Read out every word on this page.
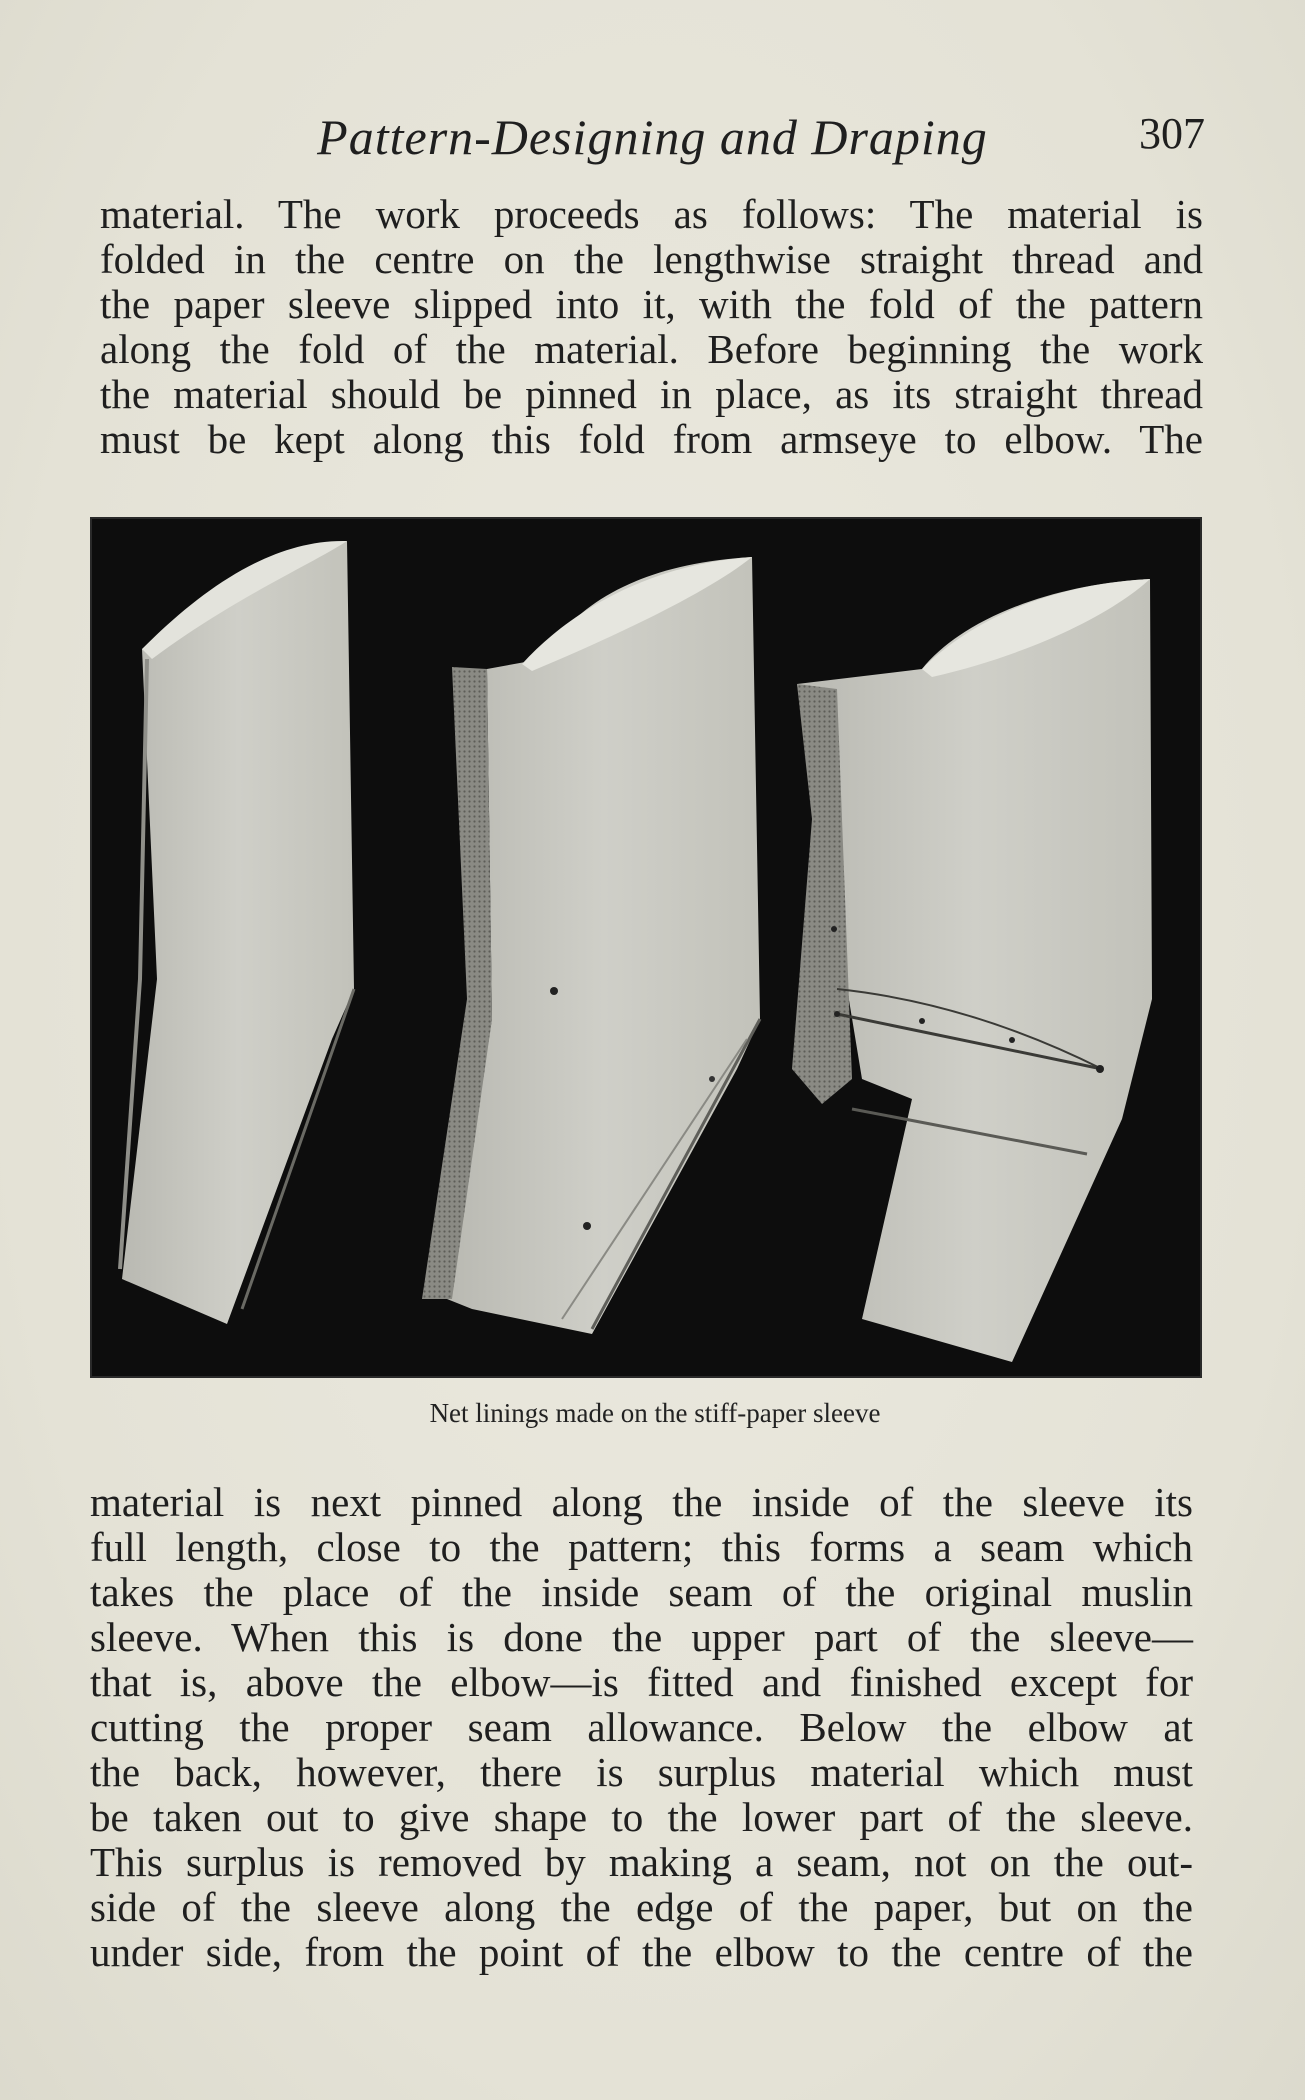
Pattern-Designing and Draping	307
material. The work proceeds as follows: The material is
folded in the centre on the lengthwise straight thread and
the paper sleeve slipped into it, with the fold of the pattern
along the fold of the material. Before beginning the work
the material should be pinned in place, as its straight thread
must be kept along this fold from armseye to elbow. The
Net linings made on the stiff-paper sleeve
material is next pinned along the inside of the sleeve its
full length, close to the pattern; this forms a seam which
takes the place of the inside seam of the original muslin
sleeve. When this is done the upper part of the sleeve—
that is, above the elbow—is fitted and finished except for
cutting the proper seam allowance. Below the elbow at
the back, however, there is surplus material which must
be taken out to give shape to the lower part of the sleeve.
This surplus is removed by making a seam, not on the out-
side of the sleeve along the edge of the paper, but on the
under side, from the point of the elbow to the centre of the
